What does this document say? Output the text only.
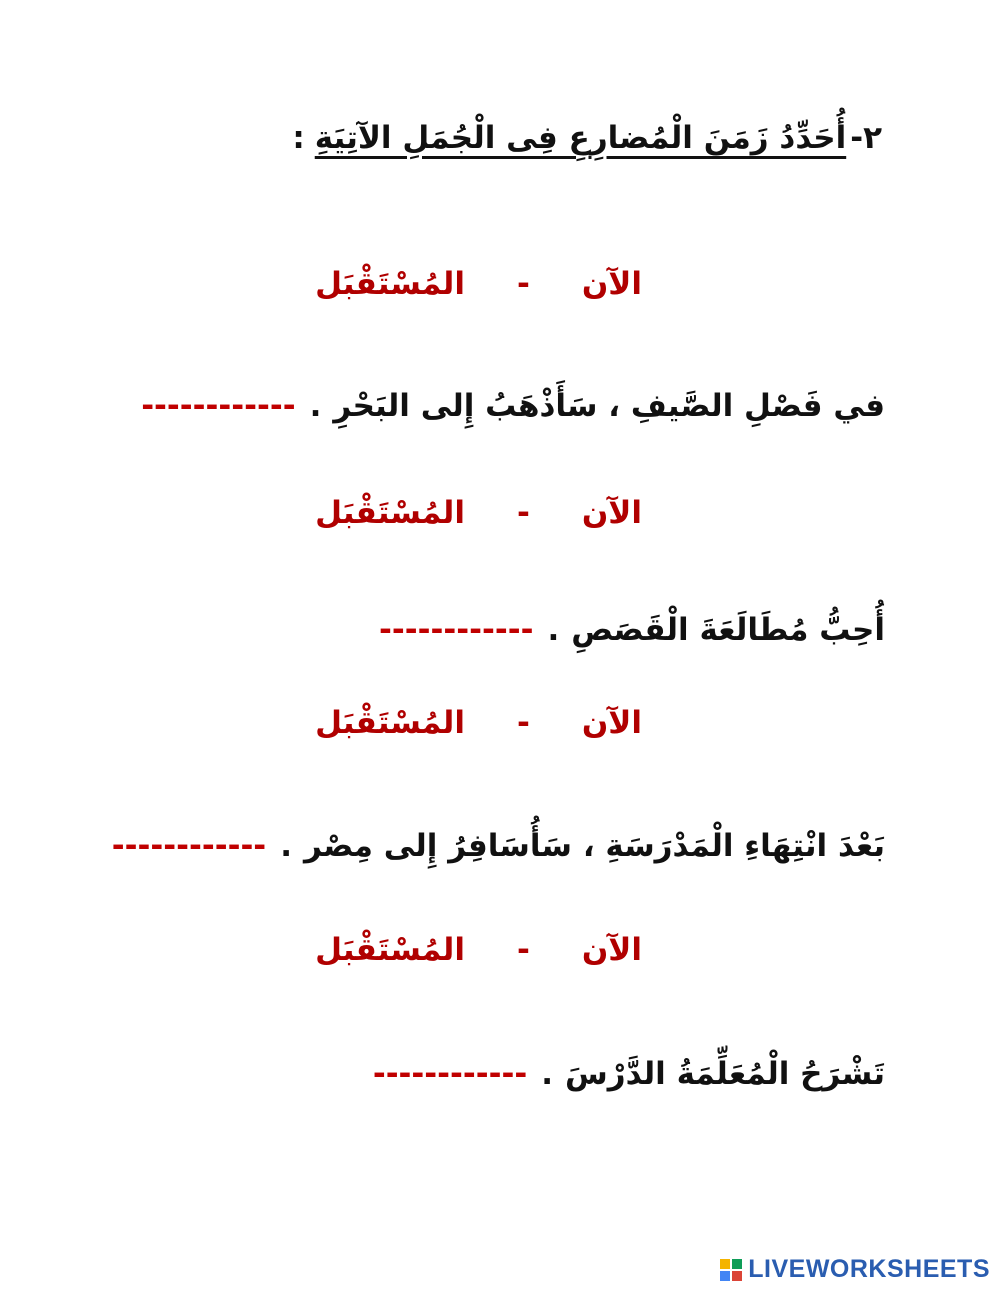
٢-أُحَدِّدُ زَمَنَ الْمُضارِعِ فِى الْجُمَلِ الآتِيَةِ:
الآن-المُسْتَقْبَل
في فَصْلِ الصَّيفِ ، سَأَذْهَبُ إِلى البَحْرِ.------------
الآن-المُسْتَقْبَل
أُحِبُّ مُطَالَعَةَ الْقَصَصِ.------------
الآن-المُسْتَقْبَل
بَعْدَ انْتِهَاءِ الْمَدْرَسَةِ ، سَأُسَافِرُ إِلى مِصْر.------------
الآن-المُسْتَقْبَل
تَشْرَحُ الْمُعَلِّمَةُ الدَّرْسَ.------------
LIVEWORKSHEETS
